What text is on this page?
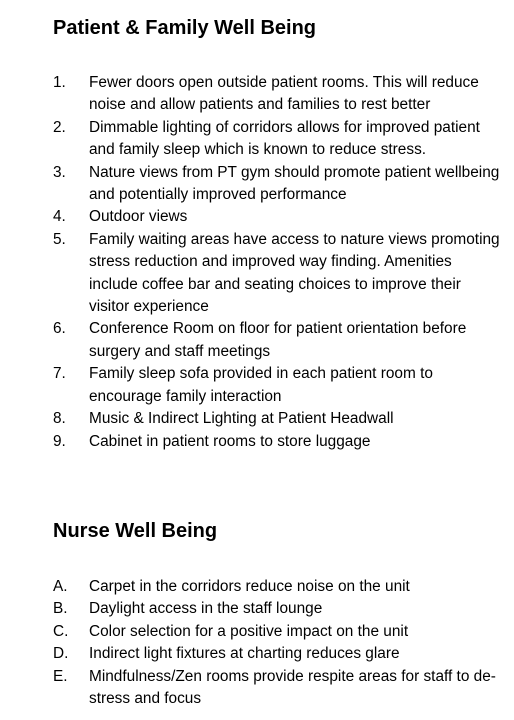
Patient & Family Well Being
1.	Fewer doors open outside patient rooms. This will reduce noise and allow patients and families to rest better
2.	Dimmable lighting of corridors allows for improved patient and family sleep which is known to reduce stress.
3.	Nature views from PT gym should promote patient wellbeing and potentially improved performance
4.	Outdoor views
5.	Family waiting areas have access to nature views promoting stress reduction and improved way finding. Amenities include coffee bar and seating choices to improve their visitor experience
6.	Conference Room on floor for patient orientation before surgery and staff meetings
7.	Family sleep sofa provided in each patient room to encourage family interaction
8.	Music & Indirect Lighting at Patient Headwall
9.	Cabinet in patient rooms to store luggage
Nurse Well Being
A.	Carpet in the corridors reduce noise on the unit
B.	Daylight access in the staff lounge
C.	Color selection for a positive impact on the unit
D.	Indirect light fixtures at charting reduces glare
E.	Mindfulness/Zen rooms provide respite areas for staff to de-stress and focus
